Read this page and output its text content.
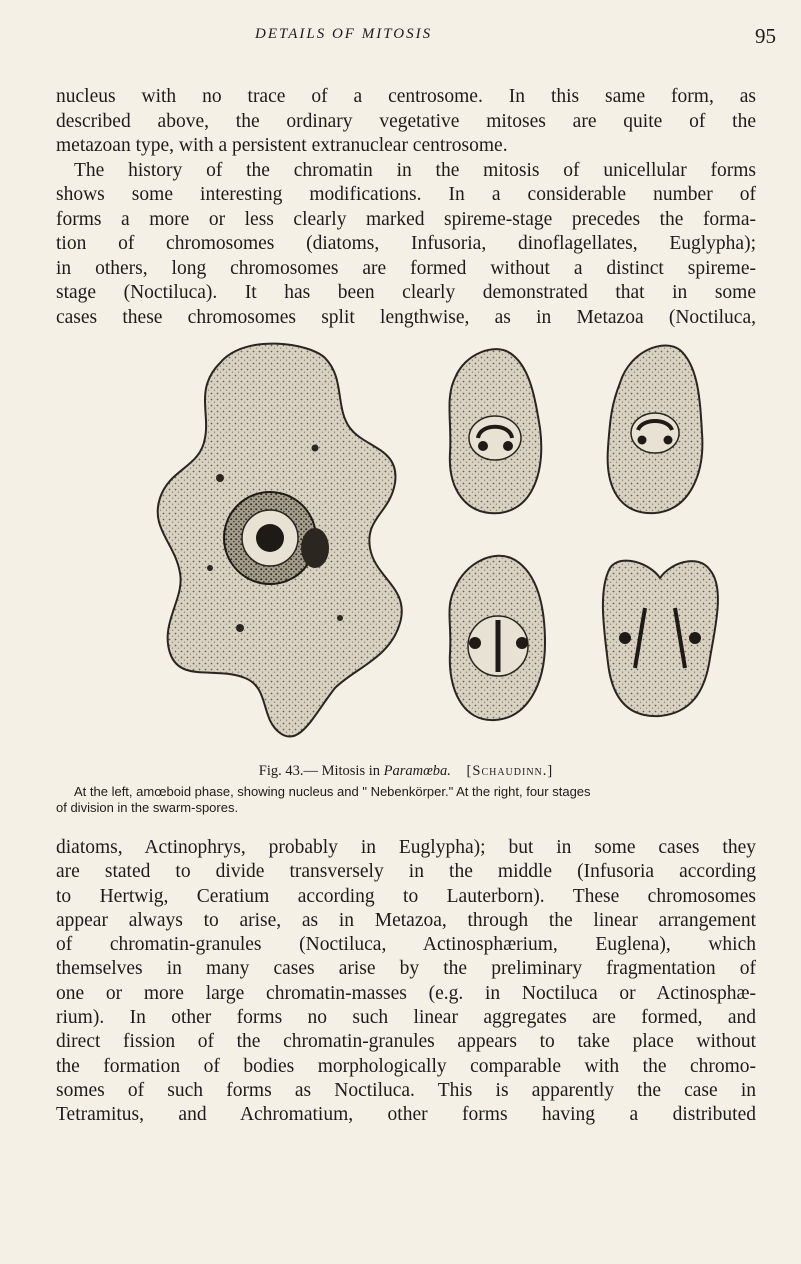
DETAILS OF MITOSIS	95
nucleus with no trace of a centrosome. In this same form, as
described above, the ordinary vegetative mitoses are quite of the
metazoan type, with a persistent extranuclear centrosome.
The history of the chromatin in the mitosis of unicellular forms
shows some interesting modifications. In a considerable number of
forms a more or less clearly marked spireme-stage precedes the forma-
tion of chromosomes (diatoms, Infusoria, dinoflagellates, Euglypha);
in others, long chromosomes are formed without a distinct spireme-
stage (Noctiluca). It has been clearly demonstrated that in some
cases these chromosomes split lengthwise, as in Metazoa (Noctiluca,
Fig. 43.— Mitosis in Paramœba. [Schaudinn.]
At the left, amœboid phase, showing nucleus and " Nebenkörper." At the right, four stages
of division in the swarm-spores.
diatoms, Actinophrys, probably in Euglypha); but in some cases they
are stated to divide transversely in the middle (Infusoria according
to Hertwig, Ceratium according to Lauterborn). These chromosomes
appear always to arise, as in Metazoa, through the linear arrangement
of chromatin-granules (Noctiluca, Actinosphærium, Euglena), which
themselves in many cases arise by the preliminary fragmentation of
one or more large chromatin-masses (e.g. in Noctiluca or Actinosphæ-
rium). In other forms no such linear aggregates are formed, and
direct fission of the chromatin-granules appears to take place without
the formation of bodies morphologically comparable with the chromo-
somes of such forms as Noctiluca. This is apparently the case in
Tetramitus, and Achromatium, other forms having a distributed
